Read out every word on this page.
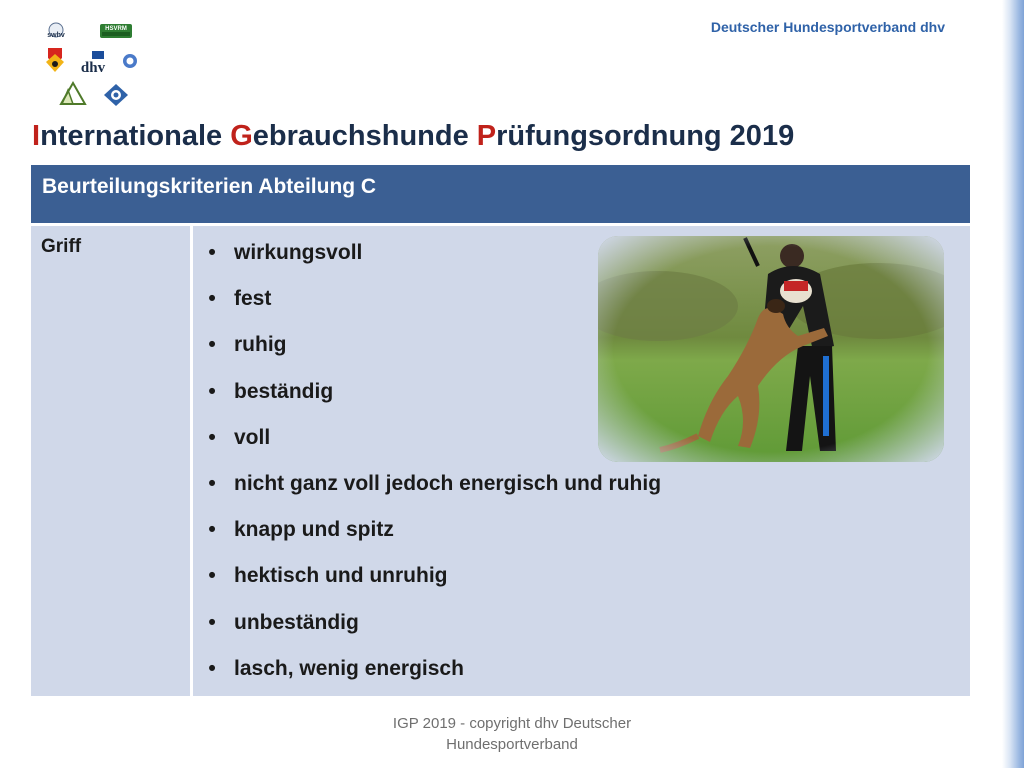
Deutscher Hundesportverband dhv
swhv
HSVRM
dhv
Internationale Gebrauchshunde Prüfungsordnung 2019
Beurteilungskriterien Abteilung C
Griff	• wirkungsvoll
• fest
• ruhig
• beständig
• voll
• nicht ganz voll jedoch energisch und ruhig
• knapp und spitz
• hektisch und unruhig
• unbeständig
• lasch, wenig energisch
IGP 2019 - copyright dhv Deutscher
Hundesportverband
